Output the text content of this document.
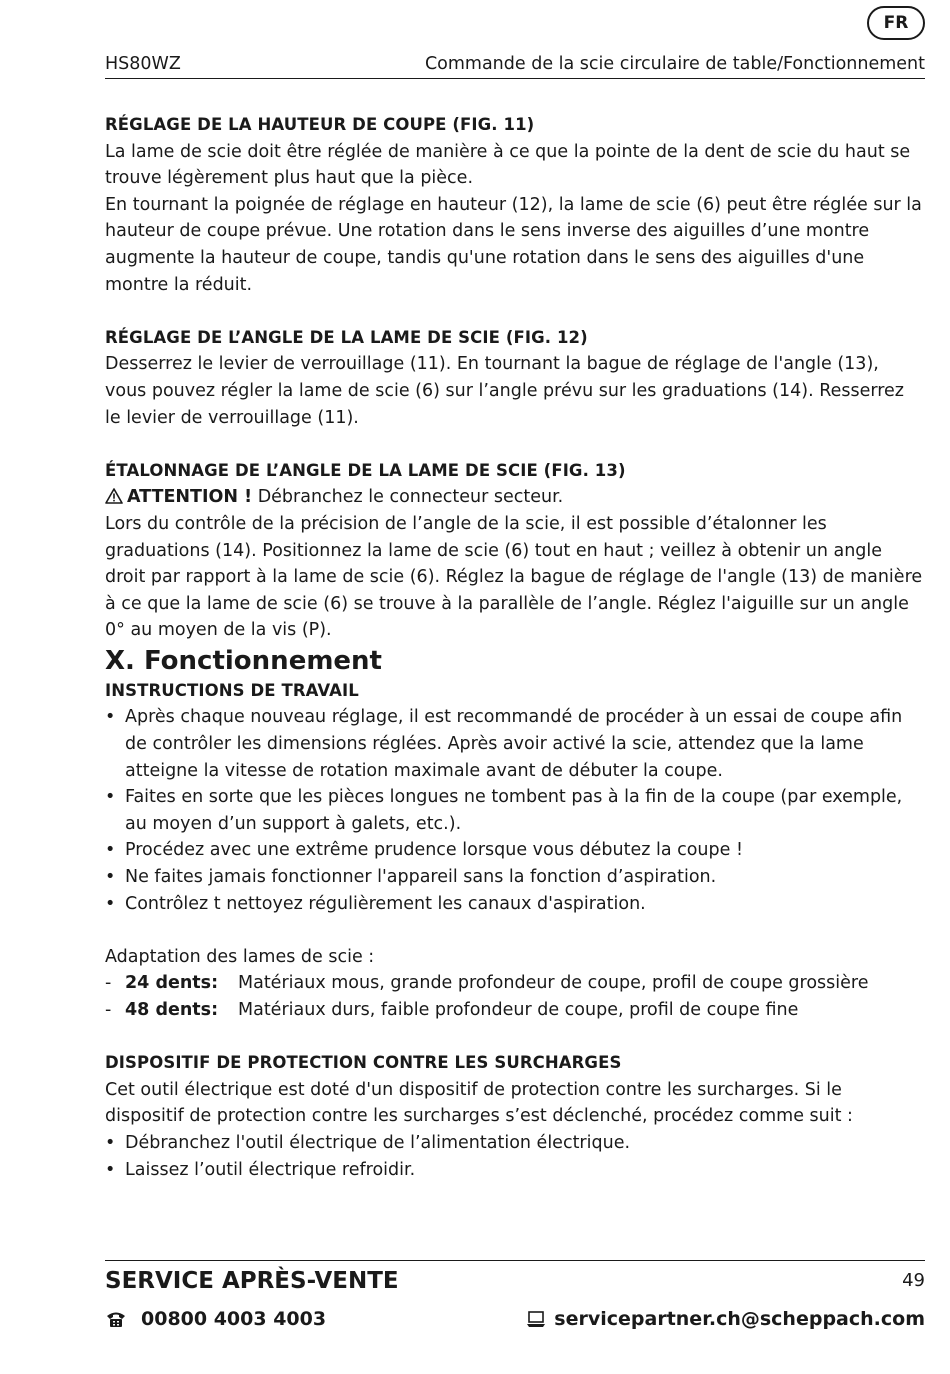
FR
HS80WZ	Commande de la scie circulaire de table/Fonctionnement

RÉGLAGE DE LA HAUTEUR DE COUPE (FIG. 11)

La lame de scie doit être réglée de manière à ce que la pointe de la dent de scie du haut se trouve légèrement plus haut que la pièce.

En tournant la poignée de réglage en hauteur (12), la lame de scie (6) peut être réglée sur la hauteur de coupe prévue. Une rotation dans le sens inverse des aiguilles d’une montre augmente la hauteur de coupe, tandis qu'une rotation dans le sens des aiguilles d'une montre la réduit.

RÉGLAGE DE L’ANGLE DE LA LAME DE SCIE (FIG. 12)

Desserrez le levier de verrouillage (11). En tournant la bague de réglage de l'angle (13), vous pouvez régler la lame de scie (6) sur l’angle prévu sur les graduations (14). Resserrez le levier de verrouillage (11).

ÉTALONNAGE DE L’ANGLE DE LA LAME DE SCIE (FIG. 13)

ATTENTION ! Débranchez le connecteur secteur.

Lors du contrôle de la précision de l’angle de la scie, il est possible d’étalonner les graduations (14). Positionnez la lame de scie (6) tout en haut ; veillez à obtenir un angle droit par rapport à la lame de scie (6). Réglez la bague de réglage de l'angle (13) de manière à ce que la lame de scie (6) se trouve à la parallèle de l’angle. Réglez l'aiguille sur un angle 0° au moyen de la vis (P).

X. Fonctionnement

INSTRUCTIONS DE TRAVAIL

• Après chaque nouveau réglage, il est recommandé de procéder à un essai de coupe afin de contrôler les dimensions réglées. Après avoir activé la scie, attendez que la lame atteigne la vitesse de rotation maximale avant de débuter la coupe.
• Faites en sorte que les pièces longues ne tombent pas à la fin de la coupe (par exemple, au moyen d’un support à galets, etc.).
• Procédez avec une extrême prudence lorsque vous débutez la coupe !
• Ne faites jamais fonctionner l'appareil sans la fonction d’aspiration.
• Contrôlez t nettoyez régulièrement les canaux d'aspiration.

Adaptation des lames de scie :

- 24 dents: Matériaux mous, grande profondeur de coupe, profil de coupe grossière
- 48 dents: Matériaux durs, faible profondeur de coupe, profil de coupe fine

DISPOSITIF DE PROTECTION CONTRE LES SURCHARGES

Cet outil électrique est doté d'un dispositif de protection contre les surcharges. Si le dispositif de protection contre les surcharges s’est déclenché, procédez comme suit :

• Débranchez l'outil électrique de l’alimentation électrique.
• Laissez l’outil électrique refroidir.
SERVICE APRÈS-VENTE	49
00800 4003 4003	servicepartner.ch@scheppach.com
